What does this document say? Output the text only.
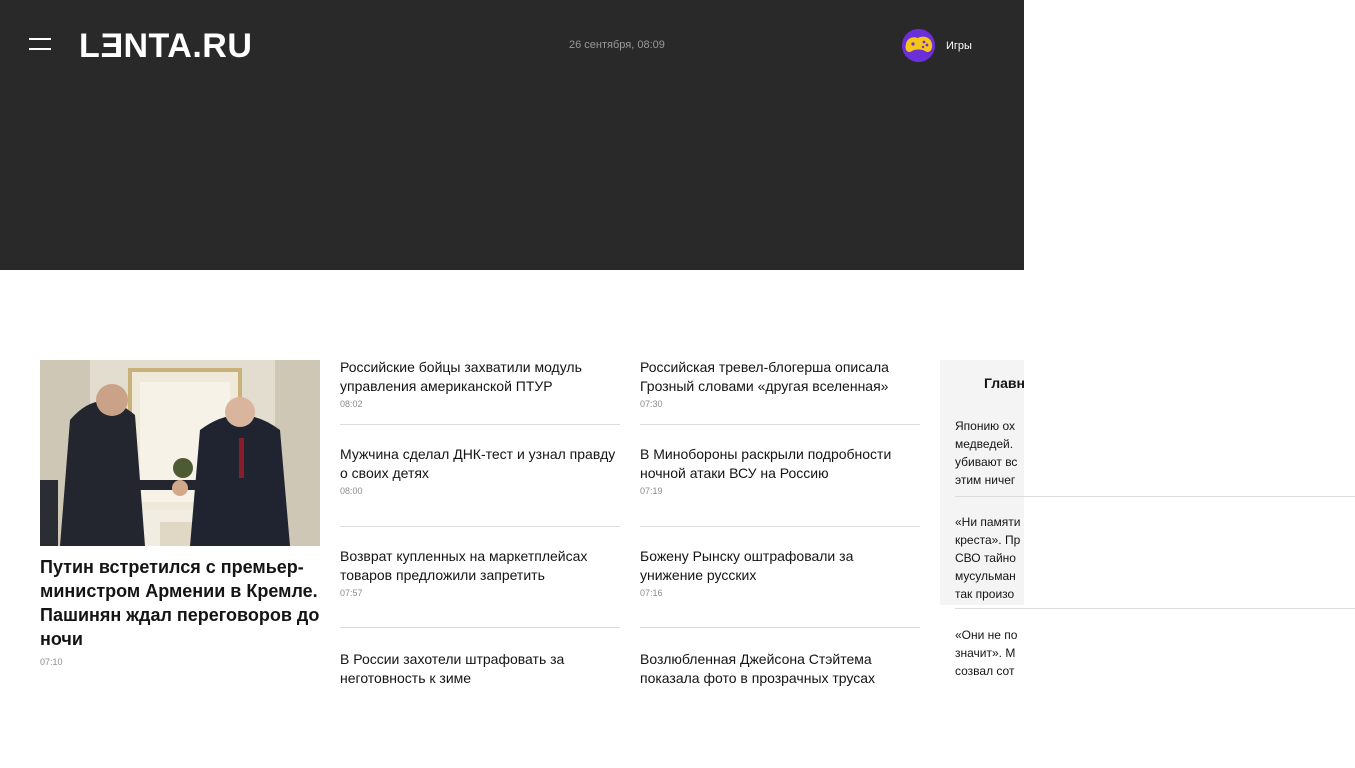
LENTA.RU	26 сентября, 08:09	Игры
Путин встретился с премьер-министром Армении в Кремле. Пашинян ждал переговоров до ночи
07:10
Российские бойцы захватили модуль управления американской ПТУР
08:02
Мужчина сделал ДНК-тест и узнал правду о своих детях
08:00
Возврат купленных на маркетплейсах товаров предложили запретить
07:57
В России захотели штрафовать за неготовность к зиме
Российская тревел-блогерша описала Грозный словами «другая вселенная»
07:30
В Минобороны раскрыли подробности ночной атаки ВСУ на Россию
07:19
Божену Рынску оштрафовали за унижение русских
07:16
Возлюбленная Джейсона Стэйтема показала фото в прозрачных трусах
Главн
Японию ох
медведей.
убивают вс
этим ничег
«Ни памяти
креста». Пр
СВО тайно
мусульман
так произо
«Они не по
значит». М
созвал сот
